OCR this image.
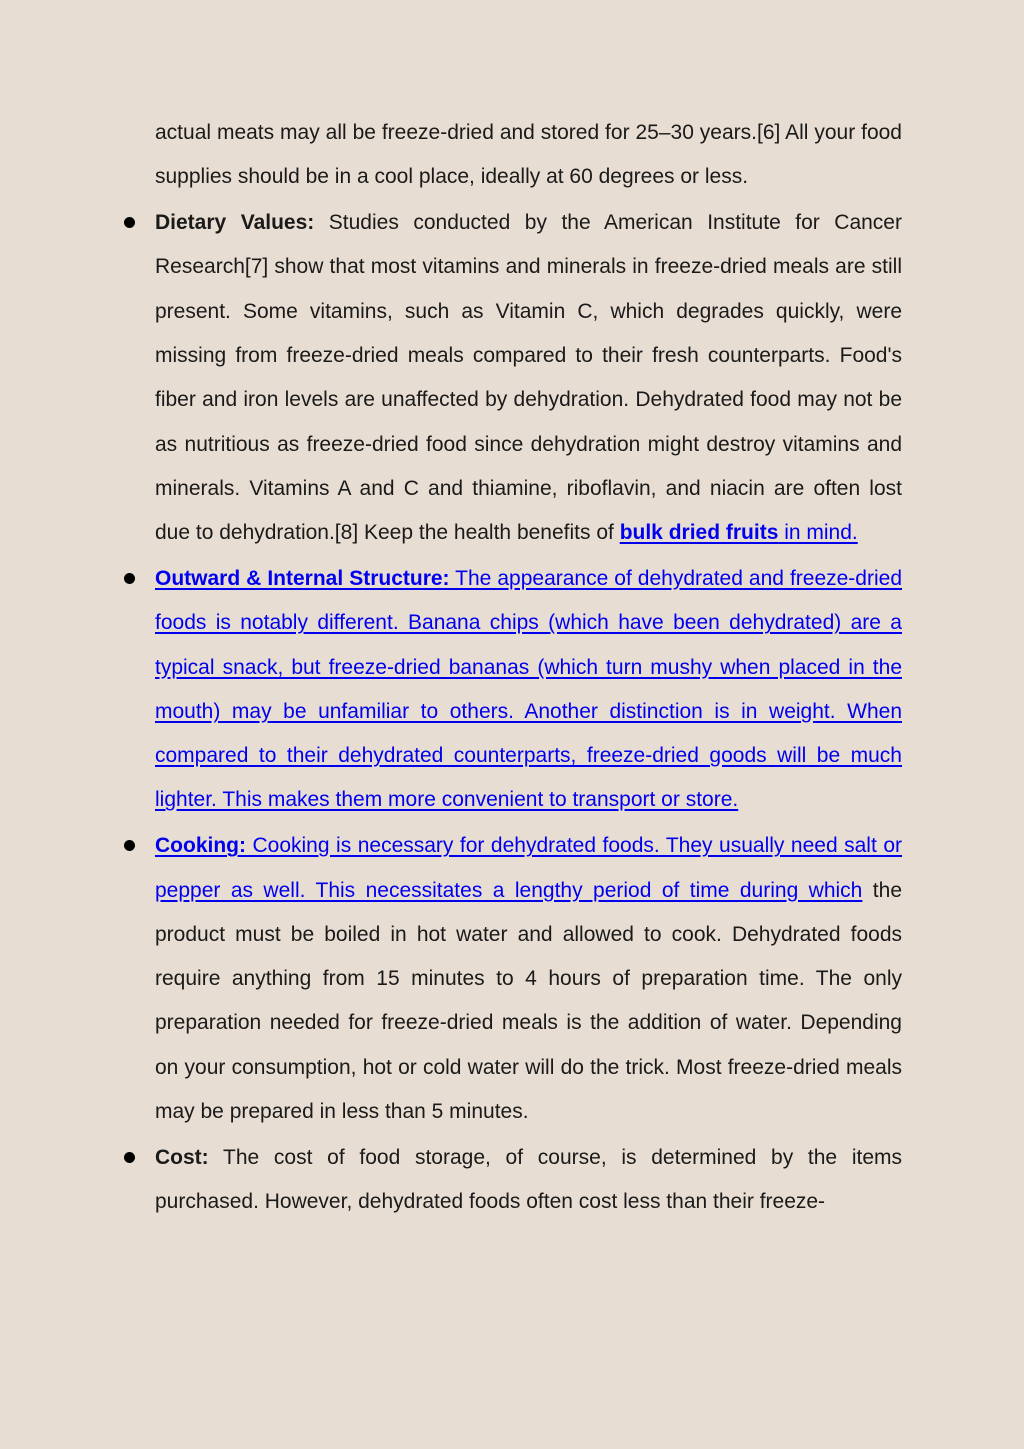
actual meats may all be freeze-dried and stored for 25–30 years.[6] All your food supplies should be in a cool place, ideally at 60 degrees or less.

Dietary Values: Studies conducted by the American Institute for Cancer Research[7] show that most vitamins and minerals in freeze-dried meals are still present. Some vitamins, such as Vitamin C, which degrades quickly, were missing from freeze-dried meals compared to their fresh counterparts. Food's fiber and iron levels are unaffected by dehydration. Dehydrated food may not be as nutritious as freeze-dried food since dehydration might destroy vitamins and minerals. Vitamins A and C and thiamine, riboflavin, and niacin are often lost due to dehydration.[8] Keep the health benefits of bulk dried fruits in mind.
Outward & Internal Structure: The appearance of dehydrated and freeze-dried foods is notably different. Banana chips (which have been dehydrated) are a typical snack, but freeze-dried bananas (which turn mushy when placed in the mouth) may be unfamiliar to others. Another distinction is in weight. When compared to their dehydrated counterparts, freeze-dried goods will be much lighter. This makes them more convenient to transport or store.
Cooking: Cooking is necessary for dehydrated foods. They usually need salt or pepper as well. This necessitates a lengthy period of time during which the product must be boiled in hot water and allowed to cook. Dehydrated foods require anything from 15 minutes to 4 hours of preparation time. The only preparation needed for freeze-dried meals is the addition of water. Depending on your consumption, hot or cold water will do the trick. Most freeze-dried meals may be prepared in less than 5 minutes.
Cost: The cost of food storage, of course, is determined by the items purchased. However, dehydrated foods often cost less than their freeze-
